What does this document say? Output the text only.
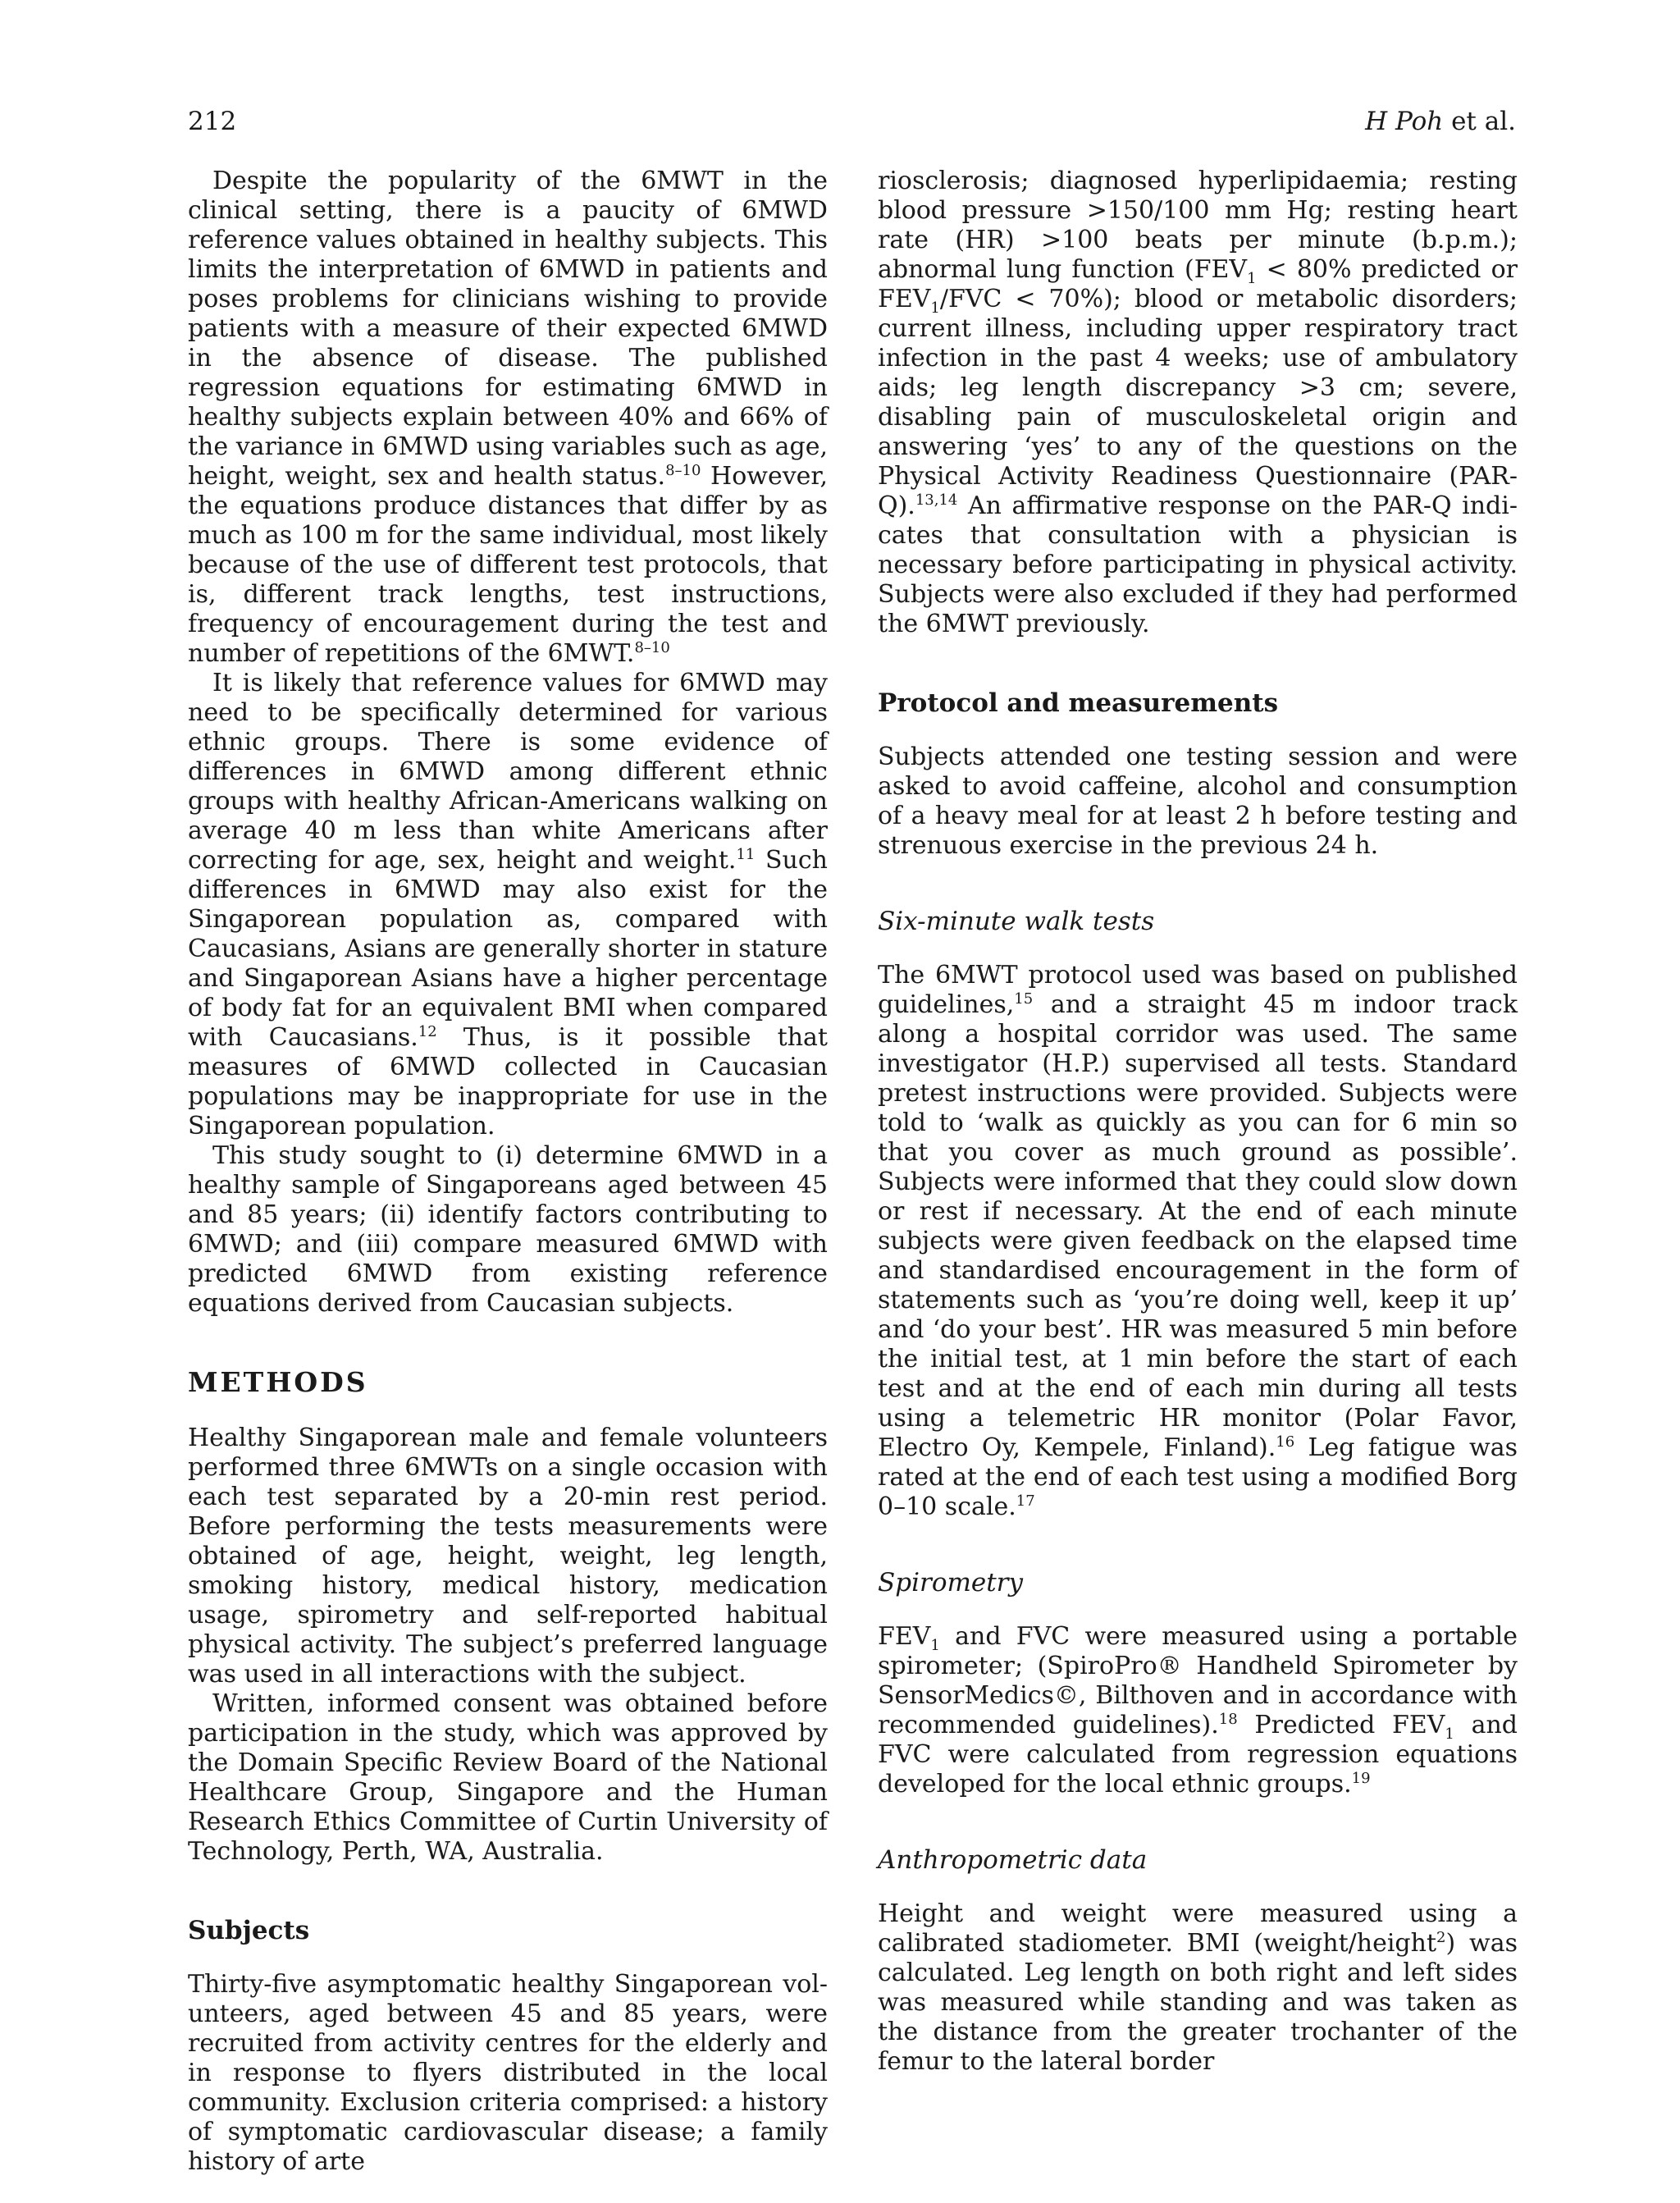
212	H Poh et al.

Despite the popularity of the 6MWT in the clinical setting, there is a paucity of 6MWD reference values obtained in healthy subjects. This limits the interpretation of 6MWD in patients and poses problems for clinicians wishing to provide patients with a measure of their expected 6MWD in the absence of disease. The published regression equations for estimating 6MWD in healthy subjects explain between 40% and 66% of the variance in 6MWD using variables such as age, height, weight, sex and health status.$^{8-10}$ However, the equations produce distances that differ by as much as 100 m for the same individual, most likely because of the use of different test protocols, that is, different track lengths, test instructions, frequency of encouragement during the test and number of repetitions of the 6MWT.$^{8-10}$

It is likely that reference values for 6MWD may need to be specifically determined for various ethnic groups. There is some evidence of differences in 6MWD among different ethnic groups with healthy African-Americans walking on average 40 m less than white Americans after correcting for age, sex, height and weight.$^{11}$ Such differences in 6MWD may also exist for the Singaporean population as, compared with Caucasians, Asians are generally shorter in stature and Singaporean Asians have a higher percentage of body fat for an equivalent BMI when compared with Caucasians.$^{12}$ Thus, is it possible that measures of 6MWD collected in Caucasian populations may be inappropriate for use in the Singaporean population.

This study sought to (i) determine 6MWD in a healthy sample of Singaporeans aged between 45 and 85 years; (ii) identify factors contributing to 6MWD; and (iii) compare measured 6MWD with predicted 6MWD from existing reference equations derived from Caucasian subjects.

METHODS

Healthy Singaporean male and female volunteers performed three 6MWTs on a single occasion with each test separated by a 20-min rest period. Before performing the tests measurements were obtained of age, height, weight, leg length, smoking history, medical history, medication usage, spirometry and self-reported habitual physical activity. The subject’s preferred language was used in all interactions with the subject.

Written, informed consent was obtained before participation in the study, which was approved by the Domain Specific Review Board of the National Healthcare Group, Singapore and the Human Research Ethics Committee of Curtin University of Technology, Perth, WA, Australia.

Subjects

Thirty-five asymptomatic healthy Singaporean volunteers, aged between 45 and 85 years, were recruited from activity centres for the elderly and in response to flyers distributed in the local community. Exclusion criteria comprised: a history of symptomatic cardiovascular disease; a family history of arte

riosclerosis; diagnosed hyperlipidaemia; resting blood pressure >150/100 mm Hg; resting heart rate (HR) >100 beats per minute (b.p.m.); abnormal lung function ($FEV_1 < 80\%$ predicted or $FEV_1$/FVC < 70%); blood or metabolic disorders; current illness, including upper respiratory tract infection in the past 4 weeks; use of ambulatory aids; leg length discrepancy >3 cm; severe, disabling pain of musculoskeletal origin and answering ‘yes’ to any of the questions on the Physical Activity Readiness Questionnaire (PAR-Q).$^{13,14}$ An affirmative response on the PAR-Q indicates that consultation with a physician is necessary before participating in physical activity. Subjects were also excluded if they had performed the 6MWT previously.

Protocol and measurements

Subjects attended one testing session and were asked to avoid caffeine, alcohol and consumption of a heavy meal for at least 2 h before testing and strenuous exercise in the previous 24 h.

Six-minute walk tests

The 6MWT protocol used was based on published guidelines,$^{15}$ and a straight 45 m indoor track along a hospital corridor was used. The same investigator (H.P.) supervised all tests. Standard pretest instructions were provided. Subjects were told to ‘walk as quickly as you can for 6 min so that you cover as much ground as possible’. Subjects were informed that they could slow down or rest if necessary. At the end of each minute subjects were given feedback on the elapsed time and standardised encouragement in the form of statements such as ‘you’re doing well, keep it up’ and ‘do your best’. HR was measured 5 min before the initial test, at 1 min before the start of each test and at the end of each min during all tests using a telemetric HR monitor (Polar Favor, Electro Oy, Kempele, Finland).$^{16}$ Leg fatigue was rated at the end of each test using a modified Borg 0–10 scale.$^{17}$

Spirometry

$FEV_1$ and FVC were measured using a portable spirometer; (SpiroPro® Handheld Spirometer by SensorMedics©, Bilthoven and in accordance with recommended guidelines).$^{18}$ Predicted $FEV_1$ and FVC were calculated from regression equations developed for the local ethnic groups.$^{19}$

Anthropometric data

Height and weight were measured using a calibrated stadiometer. BMI (weight/height$^2$) was calculated. Leg length on both right and left sides was measured while standing and was taken as the distance from the greater trochanter of the femur to the lateral border
